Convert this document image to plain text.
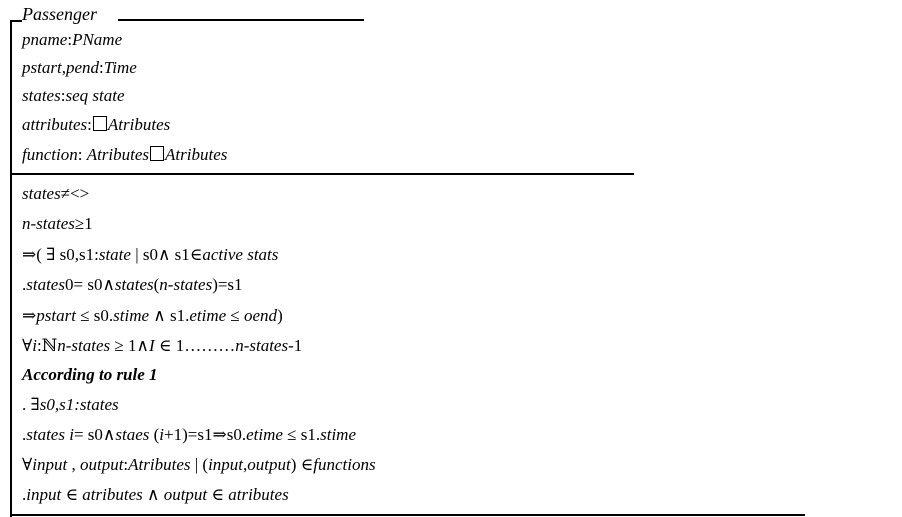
Passenger
pname:PName
pstart,pend:Time
states:seq state
attributes: Atributes
function: Atributes Atributes
states≠<>
n-states≥1
⇒( ∃ s0,s1:state | s0∧ s1∈active stats
.states0= s0∧states(n-states)=s1
⇒pstart ≤ s0.stime ∧ s1.etime ≤ oend)
∀i:ℕn-states ≥ 1∧I ∈ 1………n-states-1
According to rule 1
. ∃s0,s1:states
.states i= s0∧staes (i+1)=s1⇒s0.etime ≤ s1.stime
∀input , output:Atributes | (input,output) ∈functions
.input ∈ atributes ∧ output ∈ atributes
